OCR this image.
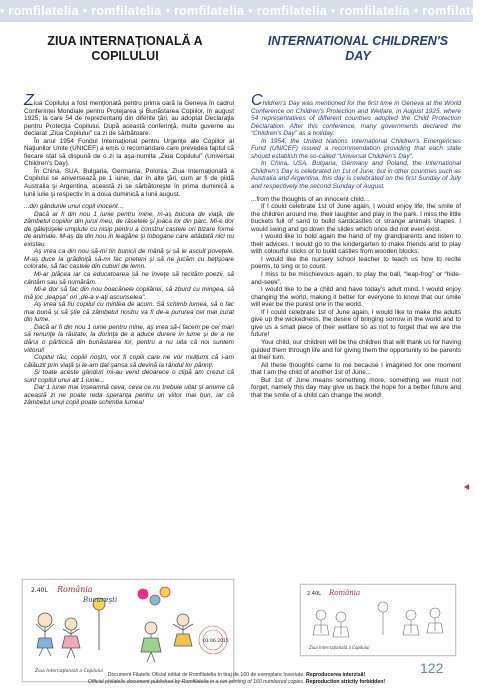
• romfilatelia• romfilatelia• romfilatelia• romfilatelia• romfilatelia• romfilatelia
ZIUA INTERNAŢIONALĂ A COPILULUI
INTERNATIONAL CHILDREN'S DAY

Ziua Copilului a fost menţionată pentru prima oară la Geneva în cadrul Conferinţei Mondiale pentru Protejarea şi Bunăstarea Copiilor, în august 1925, la care 54 de reprezentanţi din diferite ţări, au adoptat Declaraţia pentru Protecţia Copilului. După această conferinţă, multe guverne au declarat „Ziua Copilului” ca zi de sărbătoare.

În anul 1954 Fondul Internaţional pentru Urgenţe ale Copiilor al Naţiunilor Unite (UNICEF) a emis o recomandare care prevedea faptul că fiecare stat să dispună de o zi la aşa-numita „Ziua Copilului” (Universal Children's Day).

În China, SUA, Bulgaria, Germania, Polonia, Ziua Internaţională a Copilului se aniversează pe 1 iunie, dar în alte ţări, cum ar fi de pildă Australia şi Argentina, această zi se sărbătoreşte în prima duminică a lunii iulie şi respectiv în a doua duminică a lunii august.

...din gândurile unui copil inocent…

Dacă ar fi din nou 1 iunie pentru mine, m-aş bucura de viaţă, de zâmbetul copiilor din jurul meu, de râsetele şi joaca lor din parc. Mi-e dor de găleţuşele umplute cu nisip pentru a construi castele ori bizare forme de animale. M-aş da din nou în leagăne şi tobogane care altădată nici nu existau.

Aş vrea ca din nou să-mi tin bunicii de mână şi să le ascult poveţele. M-aş duce la grădiniţă să-mi fac prieteni şi să ne jucăm cu beţişoare colorate, să fac castele din cuburi de lemn.

Mi-ar plăcea iar ca educatoarea să ne înveţe să recităm poezii, să cântăm sau să numărăm.

Mi-e dor să fac din nou boacănele copilăriei, să zburd cu mingea, să mă joc „leapşa” ori „de-a v-aţi ascunselea”.

Aş vrea să fiu copilul cu mintea de acum. Să schimb lumea, să o fac mai bună şi să ştie că zâmbetul nostru va fi de-a pururea cel mai curat din lume.

Dacă ar fi din nou 1 iunie pentru mine, aş vrea să-i facem pe cei mari să renunţe la răutate, la dorinţa de a aduce durere în lume şi de a ne dărui o părticică din bunăstarea lor, pentru a nu uita că noi suntem viitorul!

Copilul tău, copilii noştri, vor fi copiii care ne vor mulţumi că i-am călăuzit prin viaţă şi le-am dat şansa să devină la rândul lor părinţi.

Şi toate aceste gânduri mi-au venit deoarece o clipă am crezut că sunt copilul unui alt 1 iunie...

Dar 1 iunie mai înseamnă ceva, ceva ce nu trebuie uitat şi anume că această zi ne poate reda speranţa pentru un viitor mai bun, iar că zâmbetul unui copil poate schimba lumea!

Children's Day was mentioned for the first time in Geneva at the World Conference on Children's Protection and Welfare, in August 1925, where 54 representatives of different countries adopted the Child Protection Declaration. After this conference, many governments declared the “Children's Day” as a holiday.

In 1954, the United Nations International Children's Emergencies Fund (UNICEF) issued a recommendation providing that each state should establish the so-called “Universal Children's Day”.

In China, USA, Bulgaria, Germany and Poland, the International Children's Day is celebrated on 1st of June, but in other countries such as Australia and Argentina, this day is celebrated on the first Sunday of July and respectively the second Sunday of August.

...from the thoughts of an innocent child…

If I could celebrate 1st of June again, I would enjoy life, the smile of the children around me, their laughter and play in the park. I miss the little buckets full of sand to build sandcastles or strange animals shapes. I would swing and go down the slides which once did not even exist.

I would like to hold again the hand of my grandparents and listen to their advices. I would go to the kindergarten to make friends and to play with colourful sticks or to build castles from wooden blocks.

I would like the nursery school teacher to teach us how to recite poems, to sing or to count.

I miss to be mischievous again, to play the ball, “leap-frog” or “hide-and-seek”.

I would like to be a child and have today's adult mind. I would enjoy changing the world, making it better for everyone to know that our smile will ever be the purest one in the world.

If I could celebrate 1st of June again, I would like to make the adults give up the wickedness, the desire of bringing sorrow in the world and to give us a small piece of their welfare so as not to forget that we are the future!

Your child, our children will be the children that will thank us for having guided them through life and for giving them the opportunity to be parents at their turn.

All these thoughts came to me because I imagined for one moment that I am the child of another 1st of June...

But 1st of June means something more, something we must not forget, namely this day may give us back the hope for a better future and that the smile of a child can change the world!

2.40L România
Bucureşti
01.06.2015
Ziua Internaţională a Copilului
2.40L România
Ziua Internaţională a Copilului
122
Document Filatelic Oficial editat de Romfilatelia în tiraj de 160 de exemplare înseriate. Reproducerea interzisă!
Official philatelic document published by Romfilatelia in a run printing of 160 numbered copies. Reproduction strictly forbidden!
